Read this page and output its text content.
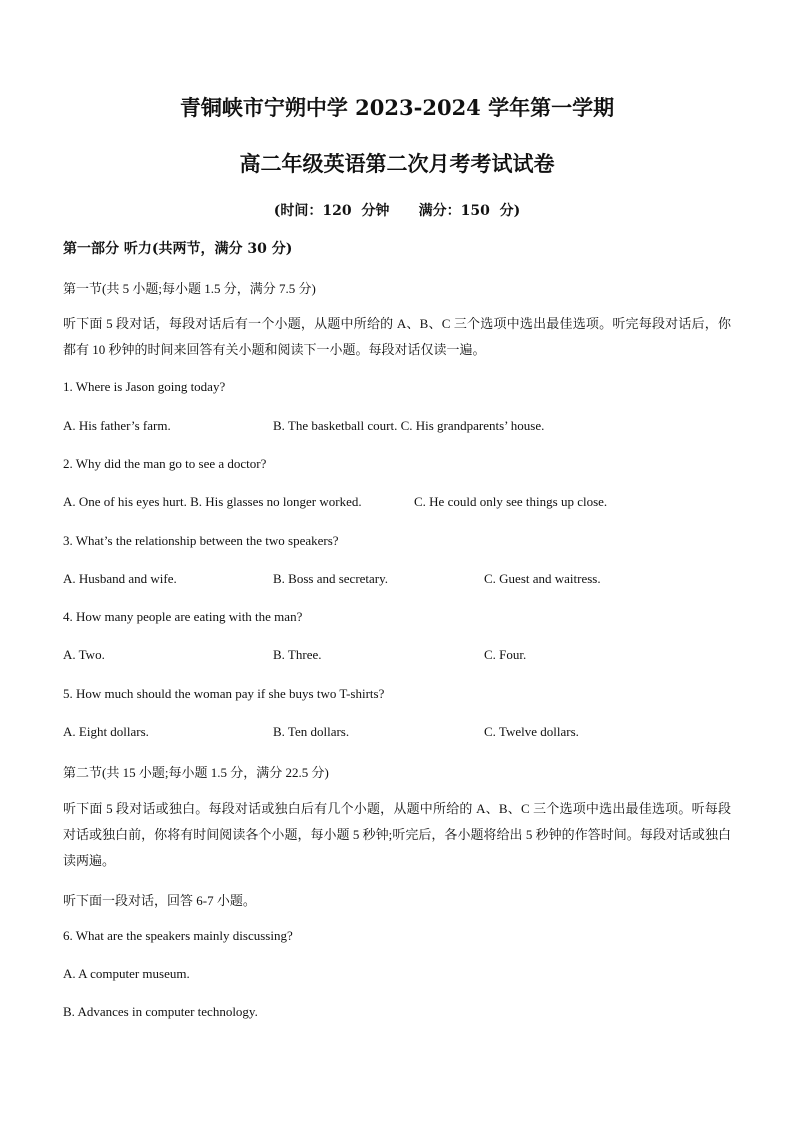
青铜峡市宁朔中学 2023-2024 学年第一学期
高二年级英语第二次月考考试试卷
(时间：120  分钟      满分：150  分)
第一部分 听力(共两节，满分 30 分)
第一节(共 5 小题;每小题 1.5 分，满分 7.5 分)
听下面 5 段对话，每段对话后有一个小题，从题中所给的 A、B、C 三个选项中选出最佳选项。听完每段对话后，你都有 10 秒钟的时间来回答有关小题和阅读下一小题。每段对话仅读一遍。
1. Where is Jason going today?
A. His father’s farm.	B. The basketball court. C. His grandparents’ house.
2. Why did the man go to see a doctor?
A. One of his eyes hurt. B. His glasses no longer worked.	C. He could only see things up close.
3. What’s the relationship between the two speakers?
A. Husband and wife.	B. Boss and secretary.	C. Guest and waitress.
4. How many people are eating with the man?
A. Two.	B. Three.	C. Four.
5. How much should the woman pay if she buys two T-shirts?
A. Eight dollars.	B. Ten dollars.	C. Twelve dollars.
第二节(共 15 小题;每小题 1.5 分，满分 22.5 分)
听下面 5 段对话或独白。每段对话或独白后有几个小题，从题中所给的 A、B、C 三个选项中选出最佳选项。听每段对话或独白前，你将有时间阅读各个小题，每小题 5 秒钟;听完后，各小题将给出 5 秒钟的作答时间。每段对话或独白读两遍。
听下面一段对话，回答 6-7 小题。
6. What are the speakers mainly discussing?
A. A computer museum.
B. Advances in computer technology.
